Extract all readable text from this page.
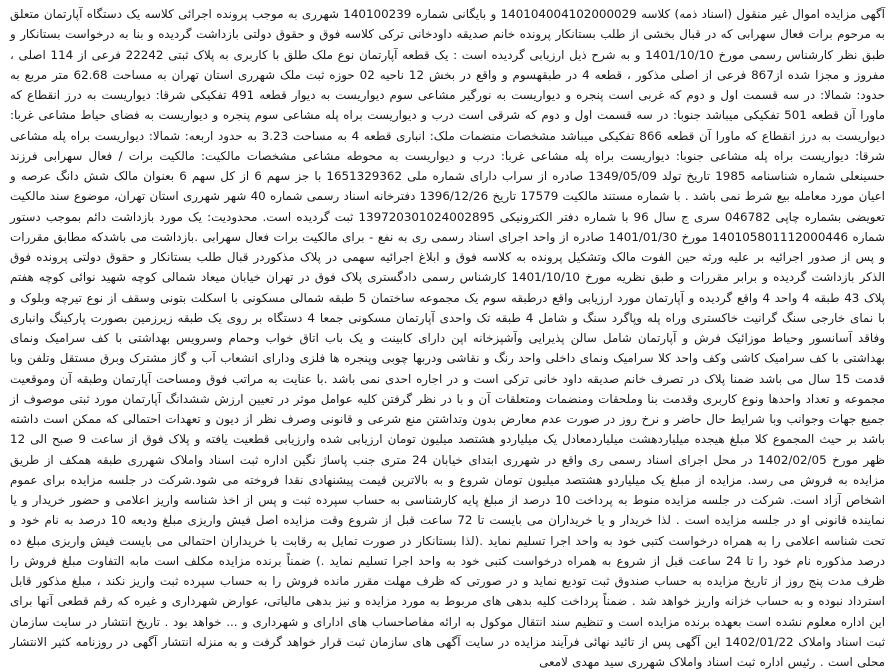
آگهی مزایده اموال غیر منقول (اسناد ذمه) کلاسه 140104004102000029 و بایگانی شماره 140100239 شهرری به موجب پرونده اجرائی کلاسه یک دستگاه آپارتمان متعلق به مرحوم برات فعال سهرابی که در قبال بخشی از طلب بستانکار پرونده خانم صدیقه داودخانی ترکی کلاسه فوق و حقوق دولتی بازداشت گردیده و بنا به درخواست بستانکار و طبق نظر کارشناس رسمی مورخ 1401/10/10 و به شرح ذیل ارزیابی گردیده است : یک قطعه آپارتمان نوع ملک طلق با کاربری به پلاک ثبتی 22242 فرعی از 114 اصلی ، مفروز و مجزا شده از867 فرعی از اصلی مذکور ، قطعه 4 در طبقهسوم و واقع در بخش 12 ناحیه 02 حوزه ثبت ملک شهرری استان تهران به مساحت 62.68 متر مربع به حدود: شمالا: در سه قسمت اول و دوم که غربی است پنجره و دیواریست به نورگیر مشاعی سوم دیواریست به دیوار قطعه 491 تفکیکی شرقا: دیواریست به درز انقطاع که ماورا آن قطعه 501 تفکیکی میباشد جنوبا: در سه قسمت اول و دوم که شرقی است درب و دیواریست براه پله مشاعی سوم پنجره و دیواریست به فضای حیاط مشاعی غربا: دیواریست به درز انقطاع که ماورا آن قطعه 866 تفکیکی میباشد مشخصات منضمات ملک: انباری قطعه 4 به مساحت 3.23 به حدود اربعه: شمالا: دیواریست براه پله مشاعی شرقا: دیواریست براه پله مشاعی جنوبا: دیواریست براه پله مشاعی غربا: درب و دیواریست به محوطه مشاعی مشخصات مالکیت: مالکیت برات / فعال سهرابی فرزند حسینعلی شماره شناسنامه 1985 تاریخ تولد 1349/05/09 صادره از سراب دارای شماره ملی 1651329362 با جز سهم 6 از کل سهم 6 بعنوان مالک شش دانگ عرصه و اعیان مورد معامله بیع شرط نمی باشد . با شماره مستند مالکیت 17579 تاریخ 1396/12/26 دفترخانه اسناد رسمی شماره 40 شهر شهرری استان تهران، موضوع سند مالکیت تعویضی بشماره چاپی 046782 سری ج سال 96 با شماره دفتر الکترونیکی 139720301024002895 ثبت گردیده است. محدودیت: یک مورد بازداشت دائم بموجب دستور شماره 140105801112000446 مورخ 1401/01/30 صادره از واحد اجرای اسناد رسمی ری به نفع - برای مالکیت برات فعال سهرابی .بازداشت می باشدکه مطابق مقررات و پس از صدور اجرائیه بر علیه ورثه حین الفوت مالک وتشکیل پرونده به کلاسه فوق و ابلاغ اجرائیه سهمی در پلاک مذکوردر قبال طلب بستانکار و حقوق دولتی پرونده فوق الذکر بازداشت گردیده و برابر مقررات و طبق نظریه مورخ 1401/10/10 کارشناس رسمی دادگستری پلاک فوق در تهران خیابان میعاد شمالی کوچه شهید نوائی کوچه هفتم پلاک 43 طبقه 4 واحد 4 واقع گردیده و آپارتمان مورد ارزیابی واقع درطبقه سوم یک مجموعه ساختمان 5 طبقه شمالی مسکونی با اسکلت بتونی وسقف از نوع تیرچه وبلوک و با نمای خارجی سنگ گرانیت خاکستری وراه پله وپاگرد سنگ و شامل 4 طبقه تک واحدی آپارتمان مسکونی جمعا 4 دستگاه بر روی یک طبقه زیرزمین بصورت پارکینگ وانباری وفاقد آسانسور وحیاط موزائیک فرش و آپارتمان شامل سالن پذیرایی وآشپزخانه اپن دارای کابینت و یک باب اتاق خواب وحمام وسرویس بهداشتی با کف سرامیک ونمای بهداشتی با کف سرامیک کاشی وکف واحد کلا سرامیک ونمای داخلی واحد رنگ و نقاشی ودربها چوبی وپنجره ها فلزی ودارای انشعاب آب و گاز مشترک وبرق مستقل وتلفن وبا قدمت 15 سال می باشد ضمنا پلاک در تصرف خانم صدیقه داود خانی ترکی است و در اجاره احدی نمی باشد .با عنایت به مراتب فوق ومساحت آپارتمان وطبقه آن وموقعیت مجموعه و تعداد واحدها ونوع کاربری وقدمت بنا وملحقات ومنضمات ومتعلقات آن و با در نظر گرفتن کلیه عوامل موثر در تعیین ارزش ششدانگ آپارتمان مورد ثبتی موصوف از جمیع جهات وجوانب وبا شرایط حال حاضر و نرخ روز در صورت عدم معارض بدون وتداشتن منع شرعی و قانونی وصرف نظر از دیون و تعهدات احتمالی که ممکن است داشته باشد بر حیث المجموع کلا مبلغ هیجده میلیاردهشت میلیاردمعادل یک میلیاردو هشتصد میلیون تومان ارزیابی شده وارزیابی قطعیت یافته و پلاک فوق از ساعت 9 صبح الی 12 ظهر مورخ 1402/02/05 در محل اجرای اسناد رسمی ری واقع در شهرری ابتدای خیابان 24 متری جنب پاساژ نگین اداره ثبت اسناد واملاک شهرری طبقه همکف از طریق مزایده به فروش می رسد. مزایده از مبلغ یک میلیاردو هشتصد میلیون تومان شروع و به بالاترین قیمت پیشنهادی نقدا فروخته می شود.شرکت در جلسه مزایده برای عموم اشخاص آزاد است. شرکت در جلسه مزایده منوط به پرداخت 10 درصد از مبلغ پایه کارشناسی به حساب سپرده ثبت و پس از اخذ شناسه واریز اعلامی و حضور خریدار و یا نماینده قانونی او در جلسه مزایده است . لذا خریدار و یا خریداران می بایست تا 72 ساعت قبل از شروع وقت مزایده اصل فیش واریزی مبلغ ودیعه 10 درصد به نام خود و تحت شناسه اعلامی را به همراه درخواست کتبی خود به واحد اجرا تسلیم نماید .(لذا بستانکار در صورت تمایل به رقابت با خریداران احتمالی می بایست فیش واریزی مبلغ ده درصد مذکوره نام خود را تا 24 ساعت قبل از شروع به همراه درخواست کتبی خود به واحد اجرا تسلیم نماید .) ضمناً برنده مزایده مکلف است مابه التفاوت مبلغ فروش را ظرف مدت پنج روز از تاریخ مزایده به حساب صندوق ثبت تودیع نماید و در صورتی که ظرف مهلت مقرر مانده فروش را به حساب سپرده ثبت واریز نکند ، مبلغ مذکور قابل استرداد نبوده و به حساب خزانه واریز خواهد شد . ضمناً پرداخت کلیه بدهی های مربوط به مورد مزایده و نیز بدهی مالیاتی، عوارض شهرداری و غیره که رقم قطعی آنها برای این اداره معلوم نشده است بعهده برنده مزایده است و تنظیم سند انتقال موکول به ارائه مفاصاحساب های ادارای و شهرداری و ... خواهد بود . تاریخ انتشار در سایت سازمان ثبت اسناد واملاک 1402/01/22 این آگهی پس از تائید نهائی فرآیند مزایده در سایت آگهی های سازمان ثبت قرار خواهد گرفت و به منزله انتشار آگهی در روزنامه کثیر الانتشار محلی است . رئیس اداره ثبت اسناد واملاک شهرری سید مهدی لامعی
